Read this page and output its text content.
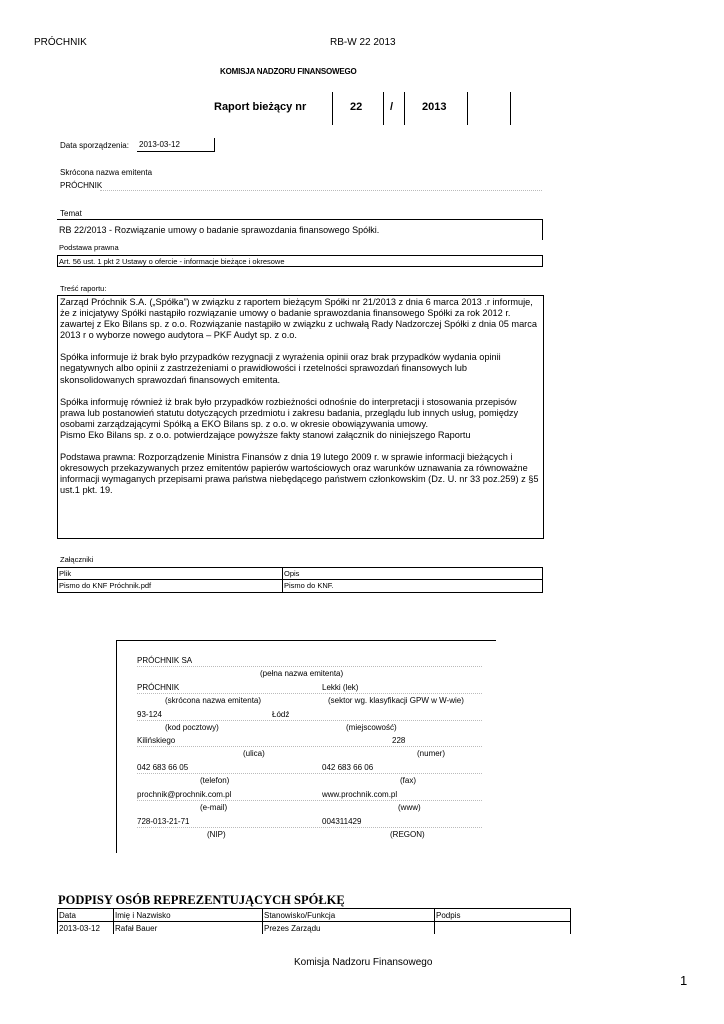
PRÓCHNIK	RB-W 22 2013
KOMISJA NADZORU FINANSOWEGO
Raport bieżący nr	22	/	2013
Data sporządzenia: 2013-03-12
Skrócona nazwa emitenta
PRÓCHNIK
Temat
RB 22/2013 - Rozwiązanie umowy o badanie sprawozdania finansowego Spółki.
Podstawa prawna
Art. 56 ust. 1 pkt 2 Ustawy o ofercie - informacje bieżące i okresowe
Treść raportu:

Zarząd Próchnik S.A. („Spółka”) w związku z raportem bieżącym Spółki nr 21/2013 z dnia 6 marca 2013 .r informuje, że z inicjatywy Spółki nastąpiło rozwiązanie umowy o badanie sprawozdania finansowego Spółki za rok 2012 r. zawartej z Eko Bilans sp. z o.o. Rozwiązanie nastąpiło w związku z uchwałą Rady Nadzorczej Spółki z dnia 05 marca 2013 r o wyborze nowego audytora – PKF Audyt sp. z o.o.

Spółka informuje iż brak było przypadków rezygnacji z wyrażenia opinii oraz brak przypadków wydania opinii negatywnych albo opinii z zastrzeżeniami o prawidłowości i rzetelności sprawozdań finansowych lub skonsolidowanych sprawozdań finansowych emitenta.

Spółka informuję również iż brak było przypadków rozbieżności odnośnie do interpretacji i stosowania przepisów prawa lub postanowień statutu dotyczących przedmiotu i zakresu badania, przeglądu lub innych usług, pomiędzy osobami zarządzającymi Spółką a EKO Bilans sp. z o.o. w okresie obowiązywania umowy.

Pismo Eko Bilans sp. z o.o. potwierdzające powyższe fakty stanowi załącznik do niniejszego Raportu

Podstawa prawna: Rozporządzenie Ministra Finansów z dnia 19 lutego 2009 r. w sprawie informacji bieżących i okresowych przekazywanych przez emitentów papierów wartościowych oraz warunków uznawania za równoważne informacji wymaganych przepisami prawa państwa niebędącego państwem członkowskim (Dz. U. nr 33 poz.259) z §5 ust.1 pkt. 19.

Załączniki
Plik	Opis
Pismo do KNF Próchnik.pdf	Pismo do KNF.
PRÓCHNIK SA
(pełna nazwa emitenta)
PRÓCHNIK	Lekki (lek)
(skrócona nazwa emitenta)	(sektor wg. klasyfikacji GPW w W-wie)
93-124	Łódź
(kod pocztowy)	(miejscowość)
Kilińskiego	228
(ulica)	(numer)
042 683 66 05	042 683 66 06
(telefon)	(fax)
prochnik@prochnik.com.pl	www.prochnik.com.pl
(e-mail)	(www)
728-013-21-71	004311429
(NIP)	(REGON)
PODPISY OSÓB REPREZENTUJĄCYCH SPÓŁKĘ
Data	Imię i Nazwisko	Stanowisko/Funkcja	Podpis
2013-03-12 Rafał Bauer	Prezes Zarządu
Komisja Nadzoru Finansowego
1
